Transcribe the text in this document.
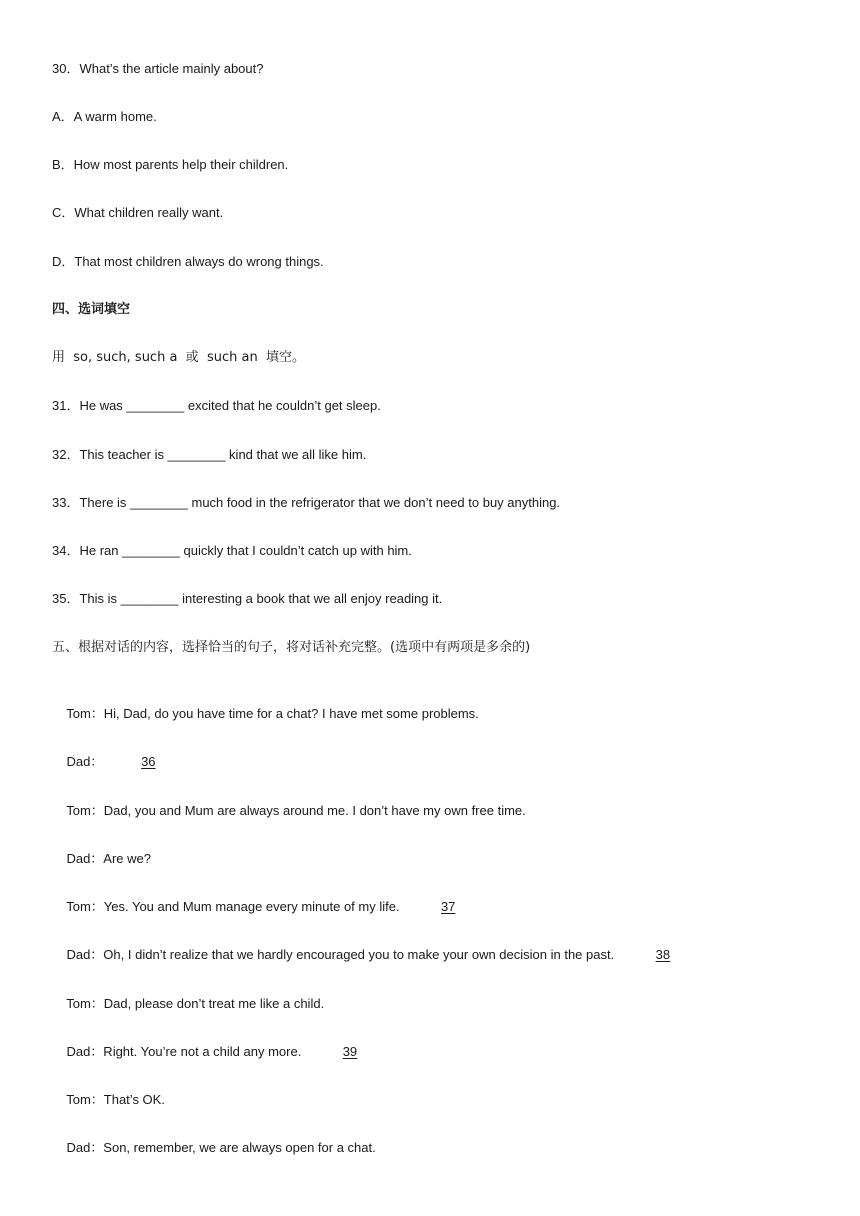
30．What’s the article mainly about?
A．A warm home.
B．How most parents help their children.
C．What children really want.
D．That most children always do wrong things.
四、选词填空
用  so, such, such a  或  such an  填空。
31．He was ________ excited that he couldn’t get sleep.
32．This teacher is ________ kind that we all like him.
33．There is ________ much food in the refrigerator that we don’t need to buy anything.
34．He ran ________ quickly that I couldn’t catch up with him.
35．This is ________ interesting a book that we all enjoy reading it.
五、根据对话的内容，选择恰当的句子，将对话补充完整。(选项中有两项是多余的)

Tom：Hi, Dad, do you have time for a chat? I have met some problems.

Dad：	36

Tom：Dad, you and Mum are always around me. I don’t have my own free time.

Dad：Are we?

Tom：Yes. You and Mum manage every minute of my life.	37

Dad：Oh, I didn’t realize that we hardly encouraged you to make your own decision in the past.	38

Tom：Dad, please don’t treat me like a child.

Dad：Right. You’re not a child any more.	39

Tom：That’s OK.

Dad：Son, remember, we are always open for a chat.
